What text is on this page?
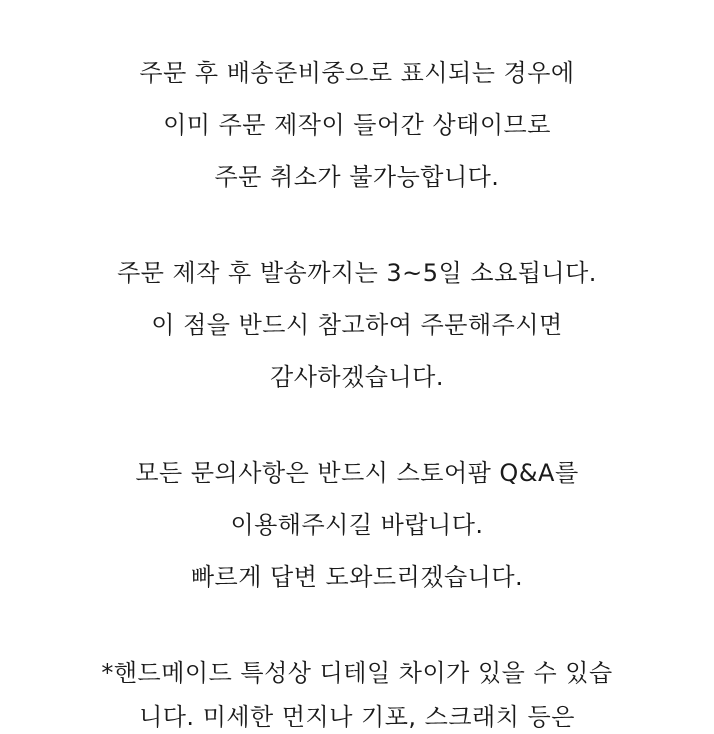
주문 후 배송준비중으로 표시되는 경우에
이미 주문 제작이 들어간 상태이므로
주문 취소가 불가능합니다.
주문 제작 후 발송까지는 3~5일 소요됩니다.
이 점을 반드시 참고하여 주문해주시면
감사하겠습니다.
모든 문의사항은 반드시 스토어팜 Q&A를
이용해주시길 바랍니다.
빠르게 답변 도와드리겠습니다.
*핸드메이드 특성상 디테일 차이가 있을 수 있습
니다. 미세한 먼지나 기포, 스크래치 등은
